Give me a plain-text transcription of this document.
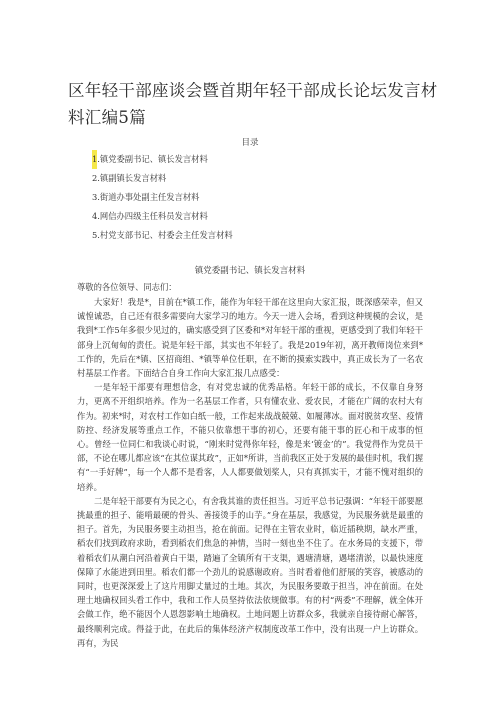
区年轻干部座谈会暨首期年轻干部成长论坛发言材料汇编5篇
目录
1.镇党委副书记、镇长发言材料
2.镇副镇长发言材料
3.街道办事处副主任发言材料
4.网信办四级主任科员发言材料
5.村党支部书记、村委会主任发言材料
镇党委副书记、镇长发言材料
尊敬的各位领导、同志们：

大家好！我是*，目前在*镇工作，能作为年轻干部在这里向大家汇报，既深感荣幸，但又诚惶诚恐，自己还有很多需要向大家学习的地方。今天一进入会场，看到这种规模的会议，是我到*工作5年多很少见过的，确实感受到了区委和*对年轻干部的重视，更感受到了我们年轻干部身上沉甸甸的责任。说是年轻干部，其实也不年轻了。我是2019年初，离开教师岗位来到*工作的，先后在*镇、区招商组、*镇等单位任职，在不断的摸索实践中，真正成长为了一名农村基层工作者。下面结合自身工作向大家汇报几点感受：

一是年轻干部要有理想信念，有对党忠诚的优秀品格。年轻干部的成长，不仅靠自身努力，更离不开组织培养。作为一名基层工作者，只有懂农业、爱农民，才能在广阔的农村大有作为。初来*时，对农村工作如白纸一般，工作起来战战兢兢、如履薄冰。面对脱贫攻坚、疫情防控、经济发展等重点工作，不能只依靠想干事的初心，还要有能干事的匠心和干成事的恒心。曾经一位同仁和我谈心时说，“刚来时觉得你年轻，像是来‘镀金’的”。我觉得作为党员干部，不论在哪儿都应该“在其位谋其政”，正如*所讲，当前我区正处于发展的最佳时机，我们握有“一手好牌”，每一个人都不是看客，人人都要做划桨人，只有真抓实干，才能不愧对组织的培养。

二是年轻干部要有为民之心，有舍我其谁的责任担当。习近平总书记强调：“年轻干部要愿挑最重的担子、能啃最硬的骨头、善接烫手的山芋。”身在基层，我感觉，为民服务就是最重的担子。首先，为民服务要主动担当，抢在前面。记得在主管农业时，临近插秧期，缺水严重，稻农们找到政府求助，看到稻农们焦急的神情，当时一刻也坐不住了。在水务局的支援下，带着稻农们从潮白河沿着黄白干渠，踏遍了全镇所有干支渠，遇塘清塘，遇堵清淤，以最快速度保障了水能进到田里。稻农们都一个劲儿的说感谢政府。当时看着他们舒展的笑容，被感动的同时，也更深深爱上了这片用脚丈量过的土地。其次，为民服务要敢于担当，冲在前面。在处理土地确权回头看工作中，我和工作人员坚持依法依规做事。有的村“两委”不理解，就全体开会做工作，绝不能因个人恩怨影响土地确权。土地问题上访群众多，我就亲自接待耐心解答，最终顺利完成。得益于此，在此后的集体经济产权制度改革工作中，没有出现一户上访群众。再有，为民
